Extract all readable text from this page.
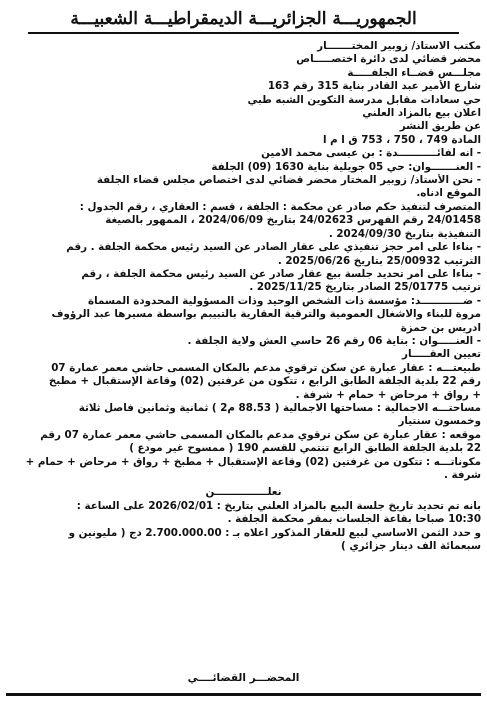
الجمهوريـــة الجزائريـــة الديمقراطيـــة الشعبيـــة
مكتب الاستاذ/ زوبير المختـــــــار
محضر قضائي لدى دائرة اختصـــــاص
مجلـــس قضــاء الجلفـــــة
شارع الأمير عبد القادر بناية 315 رقم 163
حي سعادات مقابل مدرسة التكوين الشبه طبي
اعلان بيع بالمزاد العلني
عن طريق النشر
المادة 749 ، 750 ، 753 ق ا م ا
- انه لفائـــــــــــدة : بن عيسى محمد الامين
- العنـــــــوان: حي 05 جويلية بناية 1630 (09) الجلفة
- نحن الأستاذ/ زوبير المختار محضر قضائي لدى اختصاص مجلس قضاء الجلفة
الموقع ادناه.
المتصرف لتنفيذ حكم صادر عن محكمة : الجلفة ، قسم : العقاري ، رقم الجدول :
24/01458 رقم الفهرس 24/02623 بتاريخ 2024/06/09 ، الممهور بالصيغة
التنفيذية بتاريخ 2024/09/30 .
- بناءا على امر حجز تنفيذي على عقار الصادر عن السيد رئيس محكمة الجلفة . رقم
الترتيب 25/00932 بتاريخ 2025/06/26 .
- بناءا على امر تحديد جلسة بيع عقار صادر عن السيد رئيس محكمة الجلفة ، رقم
ترتيب 25/01775 الصادر بتاريخ 2025/11/25 .
- ضــــــــــــد: مؤسسة ذات الشخص الوحيد وذات المسؤولية المحدودة المسماة
مروة للبناء والاشغال العمومية والترقية العقارية بالتبيبم بواسطة مسيرها عبد الرؤوف
ادريس بن حمزة
- العنـــــوان : بناية 06 رقم 26 حاسي العش ولاية الجلفة .
تعيين العقـــــار
طبيعتـــه : عقار عبارة عن سكن ترقوي مدعم بالمكان المسمى حاشي معمر عمارة 07
رقم 22 بلدية الجلفة الطابق الرابع ، تتكون من غرفتين (02) وقاعة الإستقبال + مطبخ
+ رواق + مرحاض + حمام + شرفة .
مساحتـــه الاجمالية : مساحتها الاجمالية ( 88.53 م2 ) ثمانية وثمانين فاصل ثلاثة
وخمسون سنتيار
موقعه : عقار عبارة عن سكن ترقوي مدعم بالمكان المسمى حاشي معمر عمارة 07 رقم
22 بلدية الجلفة الطابق الرابع تنتمي للقسم 190 ( ممسوح غير مودع )
مكوناتـــه : تتكون من غرفتين (02) وقاعة الإستقبال + مطبخ + رواق + مرحاض + حمام +
شرفة .
نعلـــــــــــــــن
بانه تم تحديد تاريخ جلسة البيع بالمزاد العلني بتاريخ : 2026/02/01 على الساعة :
10:30 صباحا بقاعة الجلسات بمقر محكمة الجلفة .
و حدد الثمن الاساسي لبيع للعقار المذكور اعلاه بـ : 2.700.000.00 دج ( مليونين و
سبعمائة الف دينار جزائري )
المحضـــر القضائــــي
